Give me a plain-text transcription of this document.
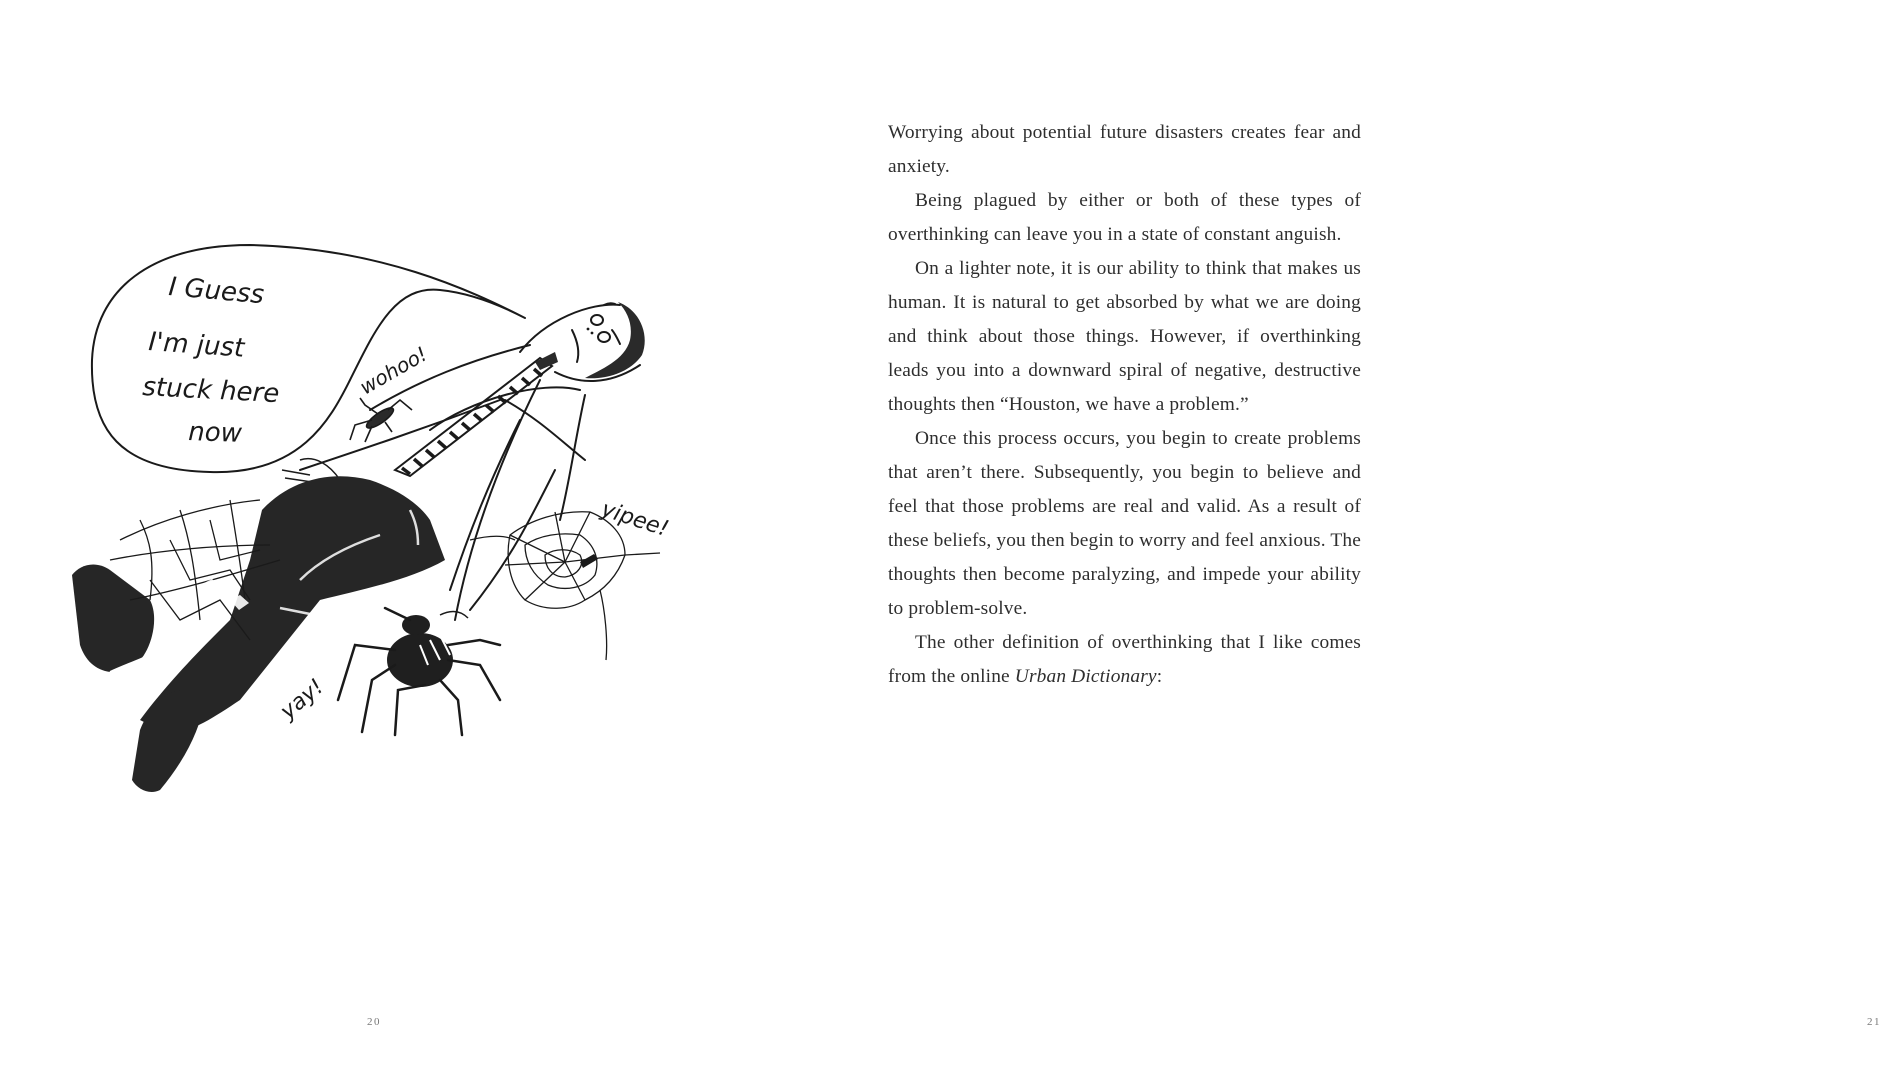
I Guess
I'm just
stuck here
now
wohoo!
yipee!
yay!
20	21

Worrying about potential future disasters creates fear and anxiety.

Being plagued by either or both of these types of overthinking can leave you in a state of constant anguish.

On a lighter note, it is our ability to think that makes us human. It is natural to get absorbed by what we are doing and think about those things. However, if overthinking leads you into a downward spiral of negative, destructive thoughts then “Houston, we have a problem.”

Once this process occurs, you begin to create problems that aren’t there. Subsequently, you begin to believe and feel that those problems are real and valid. As a result of these beliefs, you then begin to worry and feel anxious. The thoughts then become paralyzing, and impede your ability to problem-solve.

The other definition of overthinking that I like comes from the online Urban Dictionary:
